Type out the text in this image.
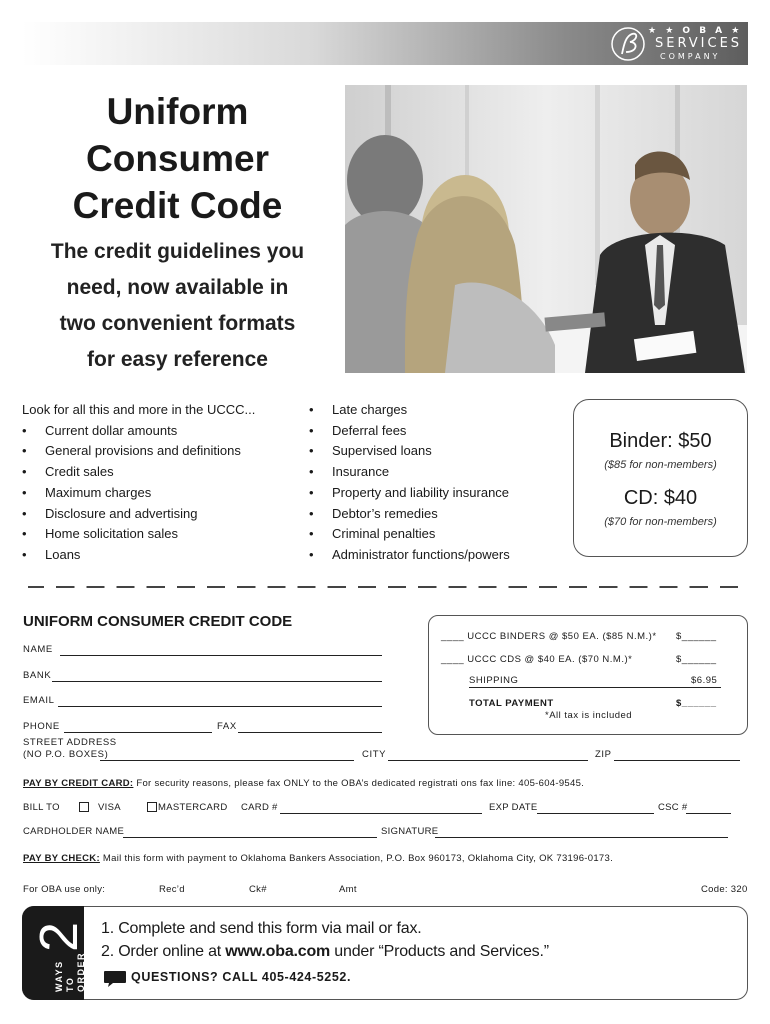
★ ★ O B A ★ ★
SERVICES
COMPANY
Uniform
Consumer
Credit Code
The credit guidelines you
need, now available in
two convenient formats
for easy reference
Look for all this and more in the UCCC...
• Current dollar amounts
• General provisions and definitions
• Credit sales
• Maximum charges
• Disclosure and advertising
• Home solicitation sales
• Loans
• Late charges
• Deferral fees
• Supervised loans
• Insurance
• Property and liability insurance
• Debtor’s remedies
• Criminal penalties
• Administrator functions/powers
Binder: $50
($85 for non-members)
CD: $40
($70 for non-members)
UNIFORM CONSUMER CREDIT CODE
NAME
BANK
EMAIL
PHONE	FAX
STREET ADDRESS
(NO P.O. BOXES)	CITY	ZIP
____ UCCC BINDERS @ $50 EA. ($85 N.M.)* $______
____ UCCC CDS @ $40 EA. ($70 N.M.)*	$______
SHIPPING	$6.95
TOTAL PAYMENT	$______
*All tax is included
PAY BY CREDIT CARD: For security reasons, please fax ONLY to the OBA’s dedicated registrati ons fax line: 405-604-9545.
BILL TO	VISA	MASTERCARD CARD #	EXP DATE	CSC #
CARDHOLDER NAME	SIGNATURE
PAY BY CHECK: Mail this form with payment to Oklahoma Bankers Association, P.O. Box 960173, Oklahoma City, OK 73196-0173.
For OBA use only:	Rec’d	Ck#	Amt	Code: 320
2
WAYS TO ORDER
1. Complete and send this form via mail or fax.
2. Order online at www.oba.com under “Products and Services.”
QUESTIONS? CALL 405-424-5252.
